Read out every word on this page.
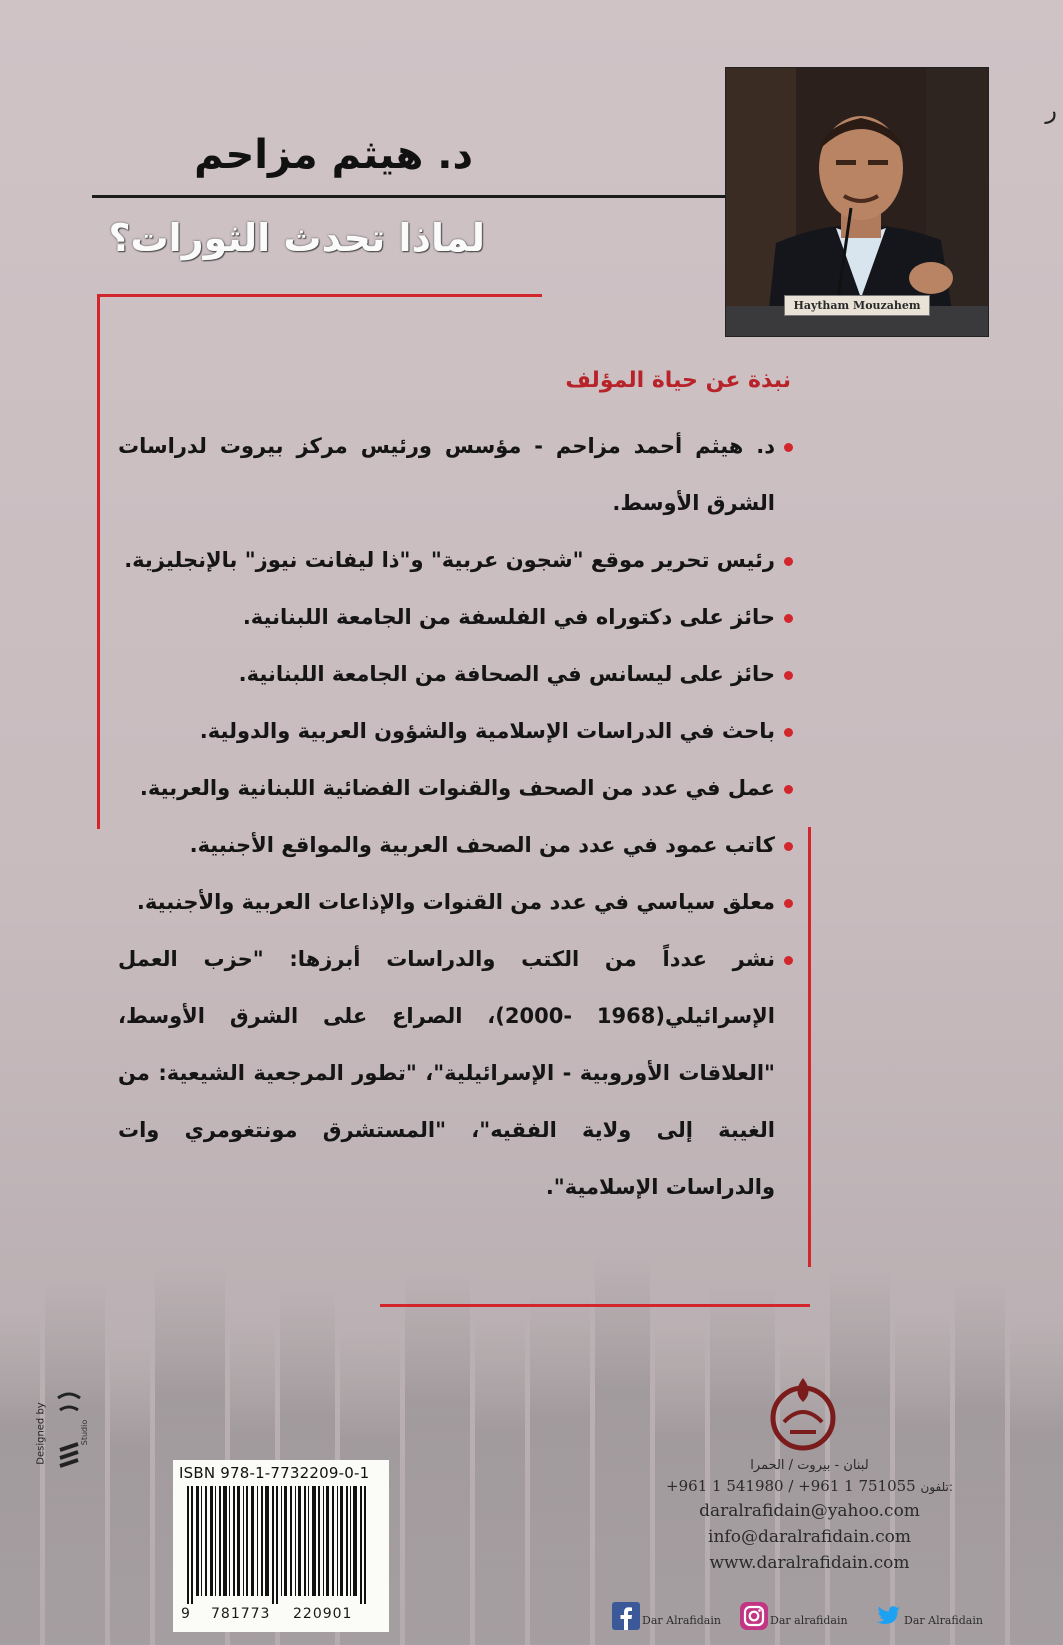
ر
Haytham Mouzahem
د. هيثم مزاحم
لماذا تحدث الثورات؟
نبذة عن حياة المؤلف
د. هيثم أحمد مزاحم - مؤسس ورئيس مركز بيروت لدراسات الشرق الأوسط.
رئيس تحرير موقع "شجون عربية" و"ذا ليفانت نيوز" بالإنجليزية.
حائز على دكتوراه في الفلسفة من الجامعة اللبنانية.
حائز على ليسانس في الصحافة من الجامعة اللبنانية.
باحث في الدراسات الإسلامية والشؤون العربية والدولية.
عمل في عدد من الصحف والقنوات الفضائية اللبنانية والعربية.
كاتب عمود في عدد من الصحف العربية والمواقع الأجنبية.
معلق سياسي في عدد من القنوات والإذاعات العربية والأجنبية.
نشر عدداً من الكتب والدراسات أبرزها: "حزب العمل الإسرائيلي(1968 -2000)، الصراع على الشرق الأوسط، "العلاقات الأوروبية - الإسرائيلية"، "تطور المرجعية الشيعية: من الغيبة إلى ولاية الفقيه"، "المستشرق مونتغومري وات والدراسات الإسلامية".
لبنان - بيروت / الحمرا
+961 1 541980 / +961 1 751055 تلفون:
daralrafidain@yahoo.com
info@daralrafidain.com
www.daralrafidain.com
Dar Alrafidain	Dar alrafidain	Dar Alrafidain
ISBN 978-1-7732209-0-1
9 781773 220901
Designed by	Studio
